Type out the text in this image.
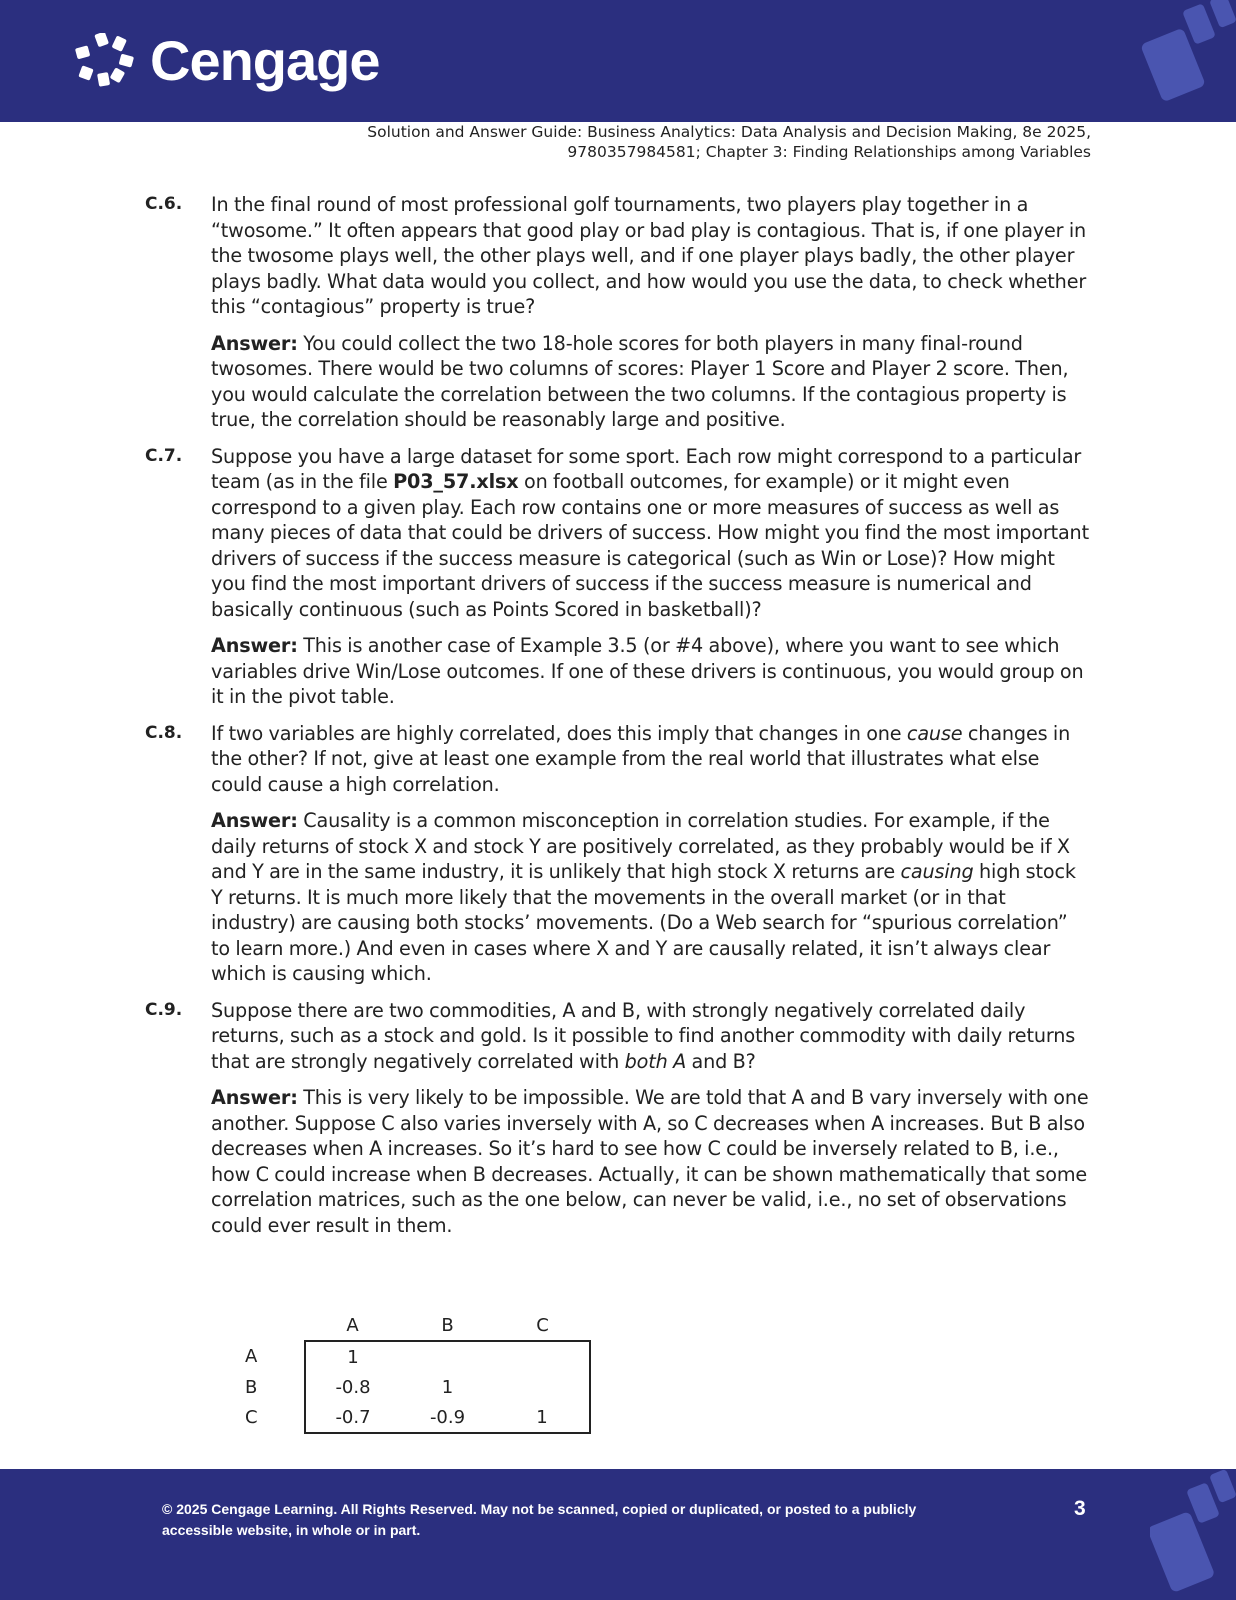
Cengage
Solution and Answer Guide: Business Analytics: Data Analysis and Decision Making, 8e 2025,
9780357984581; Chapter 3: Finding Relationships among Variables
C.6. In the final round of most professional golf tournaments, two players play together in a “twosome.” It often appears that good play or bad play is contagious. That is, if one player in the twosome plays well, the other plays well, and if one player plays badly, the other player plays badly. What data would you collect, and how would you use the data, to check whether this “contagious” property is true?
Answer: You could collect the two 18-hole scores for both players in many final-round twosomes. There would be two columns of scores: Player 1 Score and Player 2 score. Then, you would calculate the correlation between the two columns. If the contagious property is true, the correlation should be reasonably large and positive.
C.7. Suppose you have a large dataset for some sport. Each row might correspond to a particular team (as in the file P03_57.xlsx on football outcomes, for example) or it might even correspond to a given play. Each row contains one or more measures of success as well as many pieces of data that could be drivers of success. How might you find the most important drivers of success if the success measure is categorical (such as Win or Lose)? How might you find the most important drivers of success if the success measure is numerical and basically continuous (such as Points Scored in basketball)?
Answer: This is another case of Example 3.5 (or #4 above), where you want to see which variables drive Win/Lose outcomes. If one of these drivers is continuous, you would group on it in the pivot table.
C.8. If two variables are highly correlated, does this imply that changes in one cause changes in the other? If not, give at least one example from the real world that illustrates what else could cause a high correlation.
Answer: Causality is a common misconception in correlation studies. For example, if the daily returns of stock X and stock Y are positively correlated, as they probably would be if X and Y are in the same industry, it is unlikely that high stock X returns are causing high stock Y returns. It is much more likely that the movements in the overall market (or in that industry) are causing both stocks’ movements. (Do a Web search for “spurious correlation” to learn more.) And even in cases where X and Y are causally related, it isn’t always clear which is causing which.
C.9. Suppose there are two commodities, A and B, with strongly negatively correlated daily returns, such as a stock and gold. Is it possible to find another commodity with daily returns that are strongly negatively correlated with both A and B?
Answer: This is very likely to be impossible. We are told that A and B vary inversely with one another. Suppose C also varies inversely with A, so C decreases when A increases. But B also decreases when A increases. So it’s hard to see how C could be inversely related to B, i.e., how C could increase when B decreases. Actually, it can be shown mathematically that some correlation matrices, such as the one below, can never be valid, i.e., no set of observations could ever result in them.
	A	B	C
A	1		
B	-0.8	1	
C	-0.7	-0.9	1
© 2025 Cengage Learning. All Rights Reserved. May not be scanned, copied or duplicated, or posted to a publicly
accessible website, in whole or in part.
3
